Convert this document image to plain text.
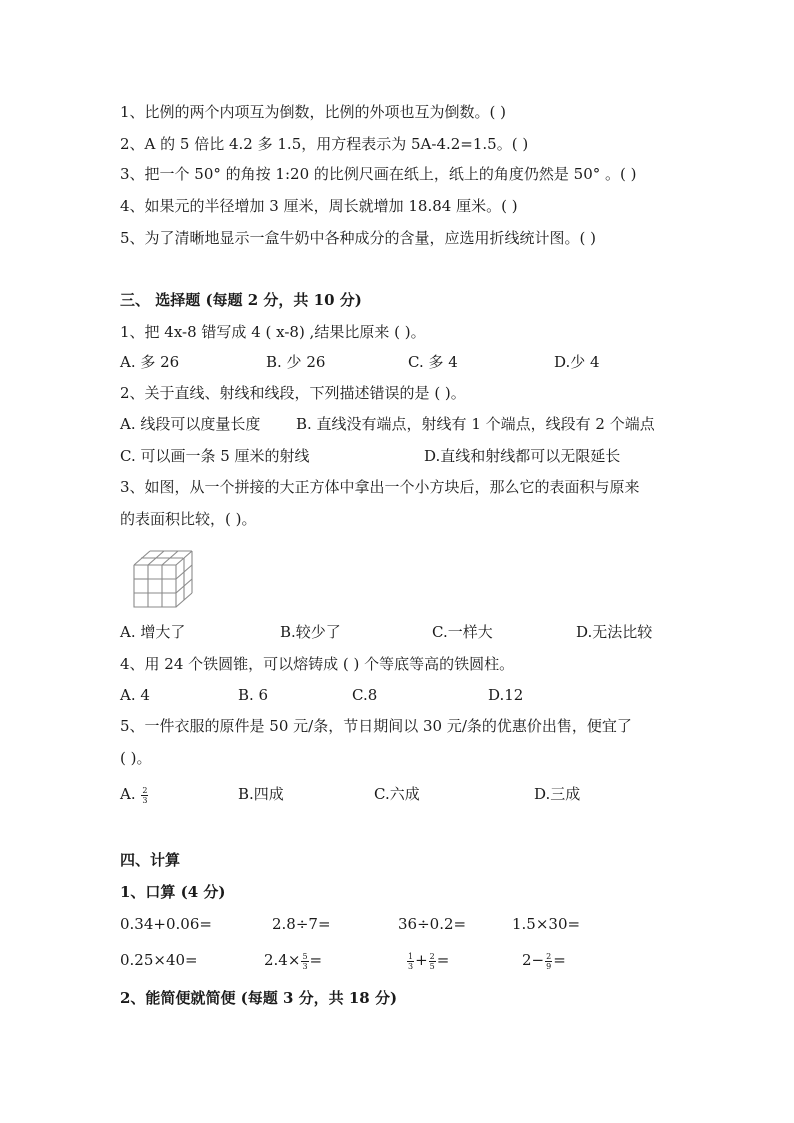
1、比例的两个内项互为倒数，比例的外项也互为倒数。( )
2、A 的 5 倍比 4.2 多 1.5，用方程表示为 5A-4.2=1.5。( )
3、把一个 50° 的角按 1:20 的比例尺画在纸上，纸上的角度仍然是 50° 。( )
4、如果元的半径增加 3 厘米，周长就增加 18.84 厘米。( )
5、为了清晰地显示一盒牛奶中各种成分的含量，应选用折线统计图。( )
三、 选择题 (每题 2 分，共 10 分)
1、把 4x-8 错写成 4 ( x-8) ,结果比原来 ( )。
A. 多 26	B. 少 26	C. 多 4	D.少 4
2、关于直线、射线和线段，下列描述错误的是 ( )。
A. 线段可以度量长度 B. 直线没有端点，射线有 1 个端点，线段有 2 个端点
C. 可以画一条 5 厘米的射线	D.直线和射线都可以无限延长
3、如图，从一个拼接的大正方体中拿出一个小方块后，那么它的表面积与原来
的表面积比较，( )。
A. 增大了	B.较少了	C.一样大	D.无法比较
4、用 24 个铁圆锥，可以熔铸成 ( ) 个等底等高的铁圆柱。
A. 4	B. 6	C.8	D.12
5、一件衣服的原件是 50 元/条，节日期间以 30 元/条的优惠价出售，便宜了
( )。
A. $\frac{2}{3}$	B.四成	C.六成	D.三成
四、计算
1、口算 (4 分)
0.34+0.06=	2.8÷7=	36÷0.2=	1.5×30=
0.25×40=	$2.4\times \frac{5}{3}$ =	$\frac{1}{3} + \frac{2}{5}$ =	$2- \frac{2}{9}$ =
2、能简便就简便 (每题 3 分，共 18 分)
